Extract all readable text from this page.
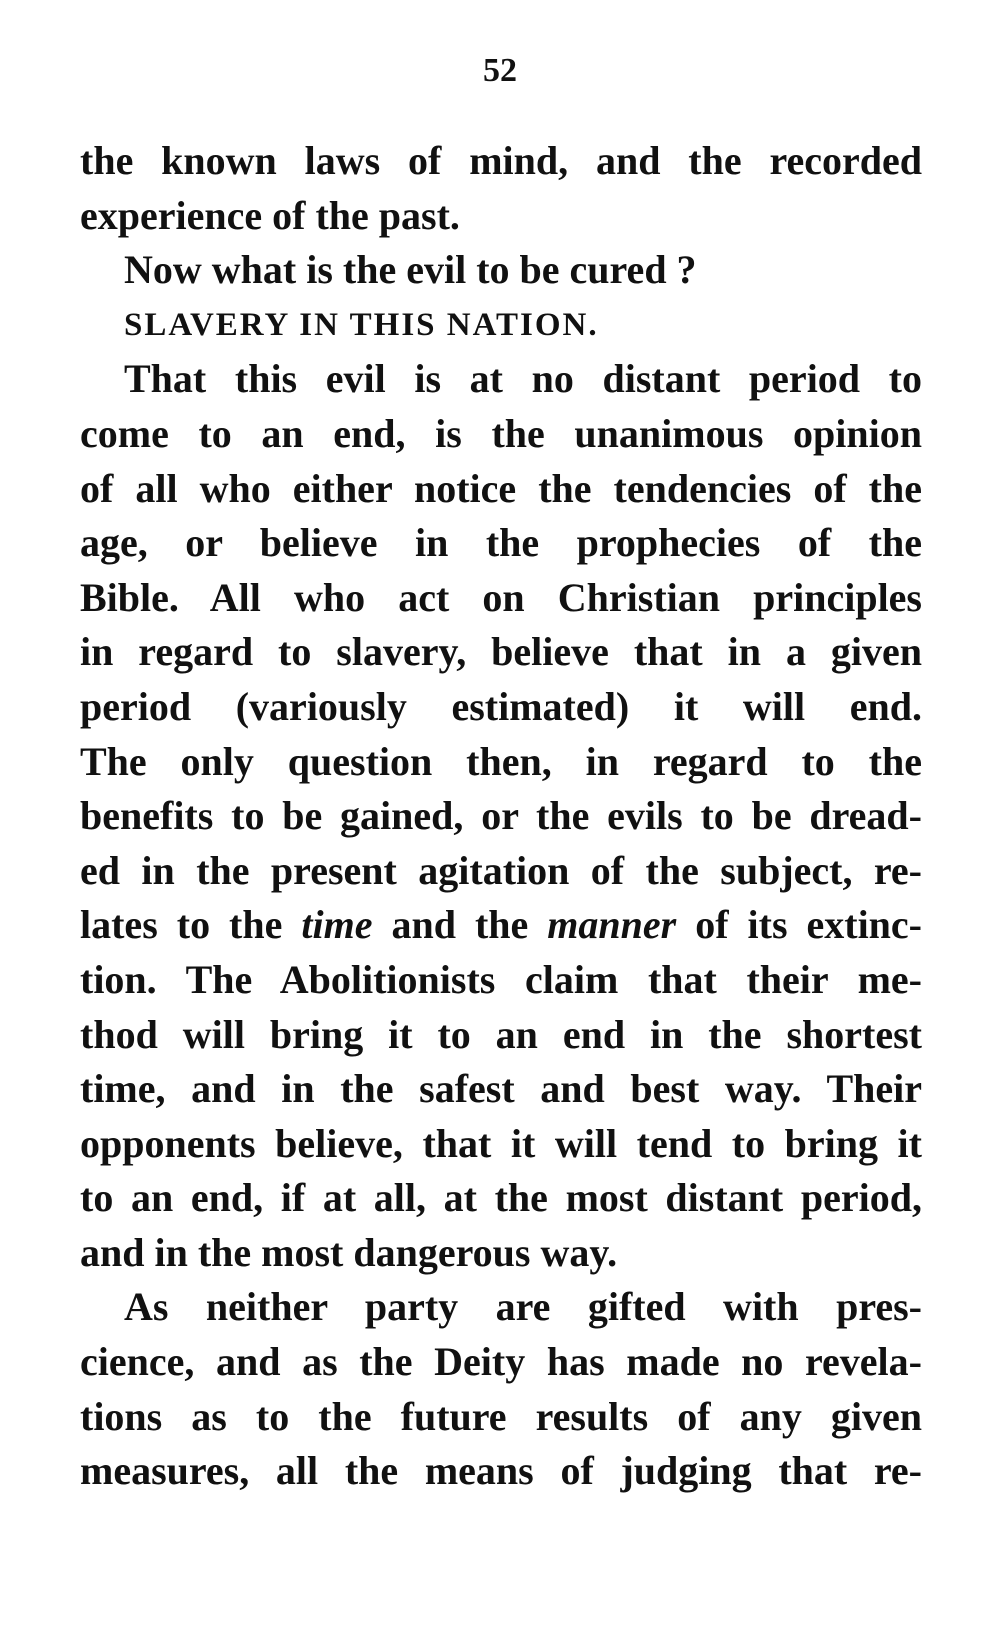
52
the known laws of mind, and the recorded
experience of the past.
Now what is the evil to be cured ?
SLAVERY IN THIS NATION.
That this evil is at no distant period to
come to an end, is the unanimous opinion
of all who either notice the tendencies of the
age, or believe in the prophecies of the
Bible. All who act on Christian principles
in regard to slavery, believe that in a given
period (variously estimated) it will end.
The only question then, in regard to the
benefits to be gained, or the evils to be dread-
ed in the present agitation of the subject, re-
lates to the time and the manner of its extinc-
tion. The Abolitionists claim that their me-
thod will bring it to an end in the shortest
time, and in the safest and best way. Their
opponents believe, that it will tend to bring it
to an end, if at all, at the most distant period,
and in the most dangerous way.
As neither party are gifted with pres-
cience, and as the Deity has made no revela-
tions as to the future results of any given
measures, all the means of judging that re-
